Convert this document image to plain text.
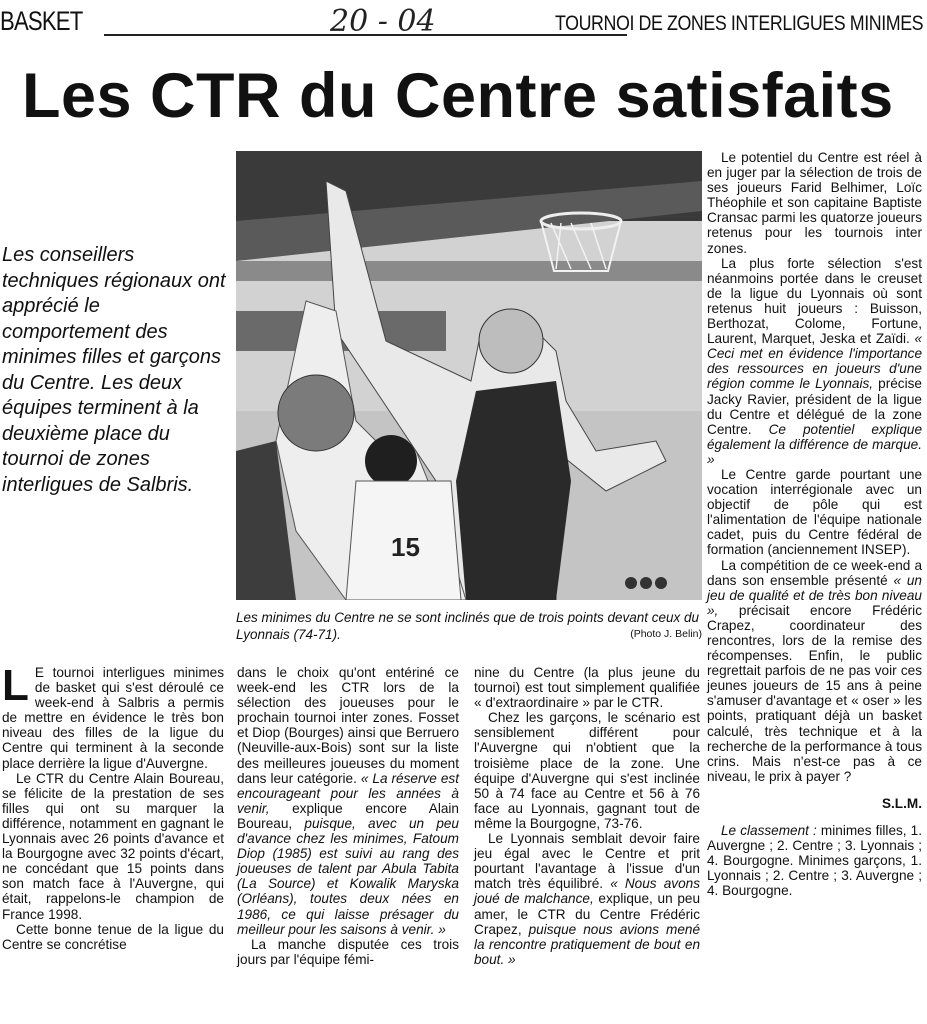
BASKET	20 - 04	TOURNOI DE ZONES INTERLIGUES MINIMES
Les CTR du Centre satisfaits
Les conseillers techniques régionaux ont apprécié le comportement des minimes filles et garçons du Centre. Les deux équipes terminent à la deuxième place du tournoi de zones interligues de Salbris.
15
Les minimes du Centre ne se sont inclinés que de trois points devant ceux du Lyonnais (74-71).	(Photo J. Belin)

L E tournoi interligues minimes de basket qui s'est déroulé ce week-end à Salbris a permis de mettre en évidence le très bon niveau des filles de la ligue du Centre qui terminent à la seconde place derrière la ligue d'Auvergne.

Le CTR du Centre Alain Boureau, se félicite de la prestation de ses filles qui ont su marquer la différence, notamment en gagnant le Lyonnais avec 26 points d'avance et la Bourgogne avec 32 points d'écart, ne concédant que 15 points dans son match face à l'Auvergne, qui était, rappelons-le champion de France 1998.

Cette bonne tenue de la ligue du Centre se concrétise

dans le choix qu'ont entériné ce week-end les CTR lors de la sélection des joueuses pour le prochain tournoi inter zones. Fosset et Diop (Bourges) ainsi que Berruero (Neuville-aux-Bois) sont sur la liste des meilleures joueuses du moment dans leur catégorie. « La réserve est encourageant pour les années à venir, explique encore Alain Boureau, puisque, avec un peu d'avance chez les minimes, Fatoum Diop (1985) est suivi au rang des joueuses de talent par Abula Tabita (La Source) et Kowalik Maryska (Orléans), toutes deux nées en 1986, ce qui laisse présager du meilleur pour les saisons à venir. »

La manche disputée ces trois jours par l'équipe fémi-

nine du Centre (la plus jeune du tournoi) est tout simplement qualifiée « d'extraordinaire » par le CTR.

Chez les garçons, le scénario est sensiblement différent pour l'Auvergne qui n'obtient que la troisième place de la zone. Une équipe d'Auvergne qui s'est inclinée 50 à 74 face au Centre et 56 à 76 face au Lyonnais, gagnant tout de même la Bourgogne, 73-76.

Le Lyonnais semblait devoir faire jeu égal avec le Centre et prit pourtant l'avantage à l'issue d'un match très équilibré. « Nous avons joué de malchance, explique, un peu amer, le CTR du Centre Frédéric Crapez, puisque nous avions mené la rencontre pratiquement de bout en bout. »

Le potentiel du Centre est réel à en juger par la sélection de trois de ses joueurs Farid Belhimer, Loïc Théophile et son capitaine Baptiste Cransac parmi les quatorze joueurs retenus pour les tournois inter zones.

La plus forte sélection s'est néanmoins portée dans le creuset de la ligue du Lyonnais où sont retenus huit joueurs : Buisson, Berthozat, Colome, Fortune, Laurent, Marquet, Jeska et Zaïdi. « Ceci met en évidence l'importance des ressources en joueurs d'une région comme le Lyonnais, précise Jacky Ravier, président de la ligue du Centre et délégué de la zone Centre. Ce potentiel explique également la différence de marque. »

Le Centre garde pourtant une vocation interrégionale avec un objectif de pôle qui est l'alimentation de l'équipe nationale cadet, puis du Centre fédéral de formation (anciennement INSEP).

La compétition de ce week-end a dans son ensemble présenté « un jeu de qualité et de très bon niveau », précisait encore Frédéric Crapez, coordinateur des rencontres, lors de la remise des récompenses. Enfin, le public regrettait parfois de ne pas voir ces jeunes joueurs de 15 ans à peine s'amuser d'avantage et « oser » les points, pratiquant déjà un basket calculé, très technique et à la recherche de la performance à tous crins. Mais n'est-ce pas à ce niveau, le prix à payer ?

S.L.M.

Le classement : minimes filles, 1. Auvergne ; 2. Centre ; 3. Lyonnais ; 4. Bourgogne. Minimes garçons, 1. Lyonnais ; 2. Centre ; 3. Auvergne ; 4. Bourgogne.
